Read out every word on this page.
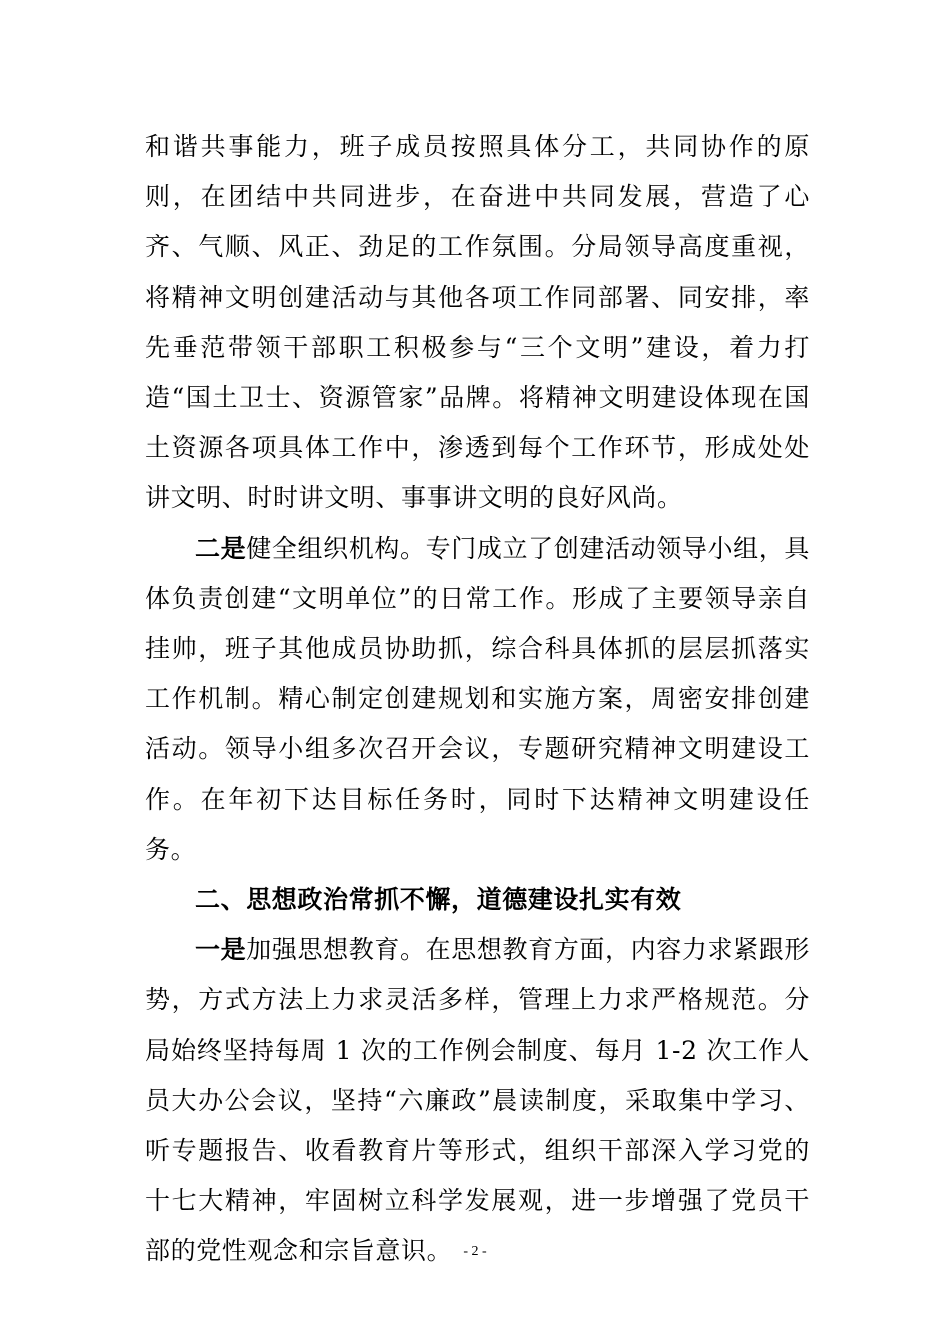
和谐共事能力，班子成员按照具体分工，共同协作的原则，在团结中共同进步，在奋进中共同发展，营造了心齐、气顺、风正、劲足的工作氛围。分局领导高度重视，将精神文明创建活动与其他各项工作同部署、同安排，率先垂范带领干部职工积极参与“三个文明”建设，着力打造“国土卫士、资源管家”品牌。将精神文明建设体现在国土资源各项具体工作中，渗透到每个工作环节，形成处处讲文明、时时讲文明、事事讲文明的良好风尚。

二是健全组织机构。专门成立了创建活动领导小组，具体负责创建“文明单位”的日常工作。形成了主要领导亲自挂帅，班子其他成员协助抓，综合科具体抓的层层抓落实工作机制。精心制定创建规划和实施方案，周密安排创建活动。领导小组多次召开会议，专题研究精神文明建设工作。在年初下达目标任务时，同时下达精神文明建设任务。

二、思想政治常抓不懈，道德建设扎实有效

一是加强思想教育。在思想教育方面，内容力求紧跟形势，方式方法上力求灵活多样，管理上力求严格规范。分局始终坚持每周 1 次的工作例会制度、每月 1-2 次工作人员大办公会议，坚持“六廉政”晨读制度，采取集中学习、听专题报告、收看教育片等形式，组织干部深入学习党的十七大精神，牢固树立科学发展观，进一步增强了党员干部的党性观念和宗旨意识。 - 2 -
